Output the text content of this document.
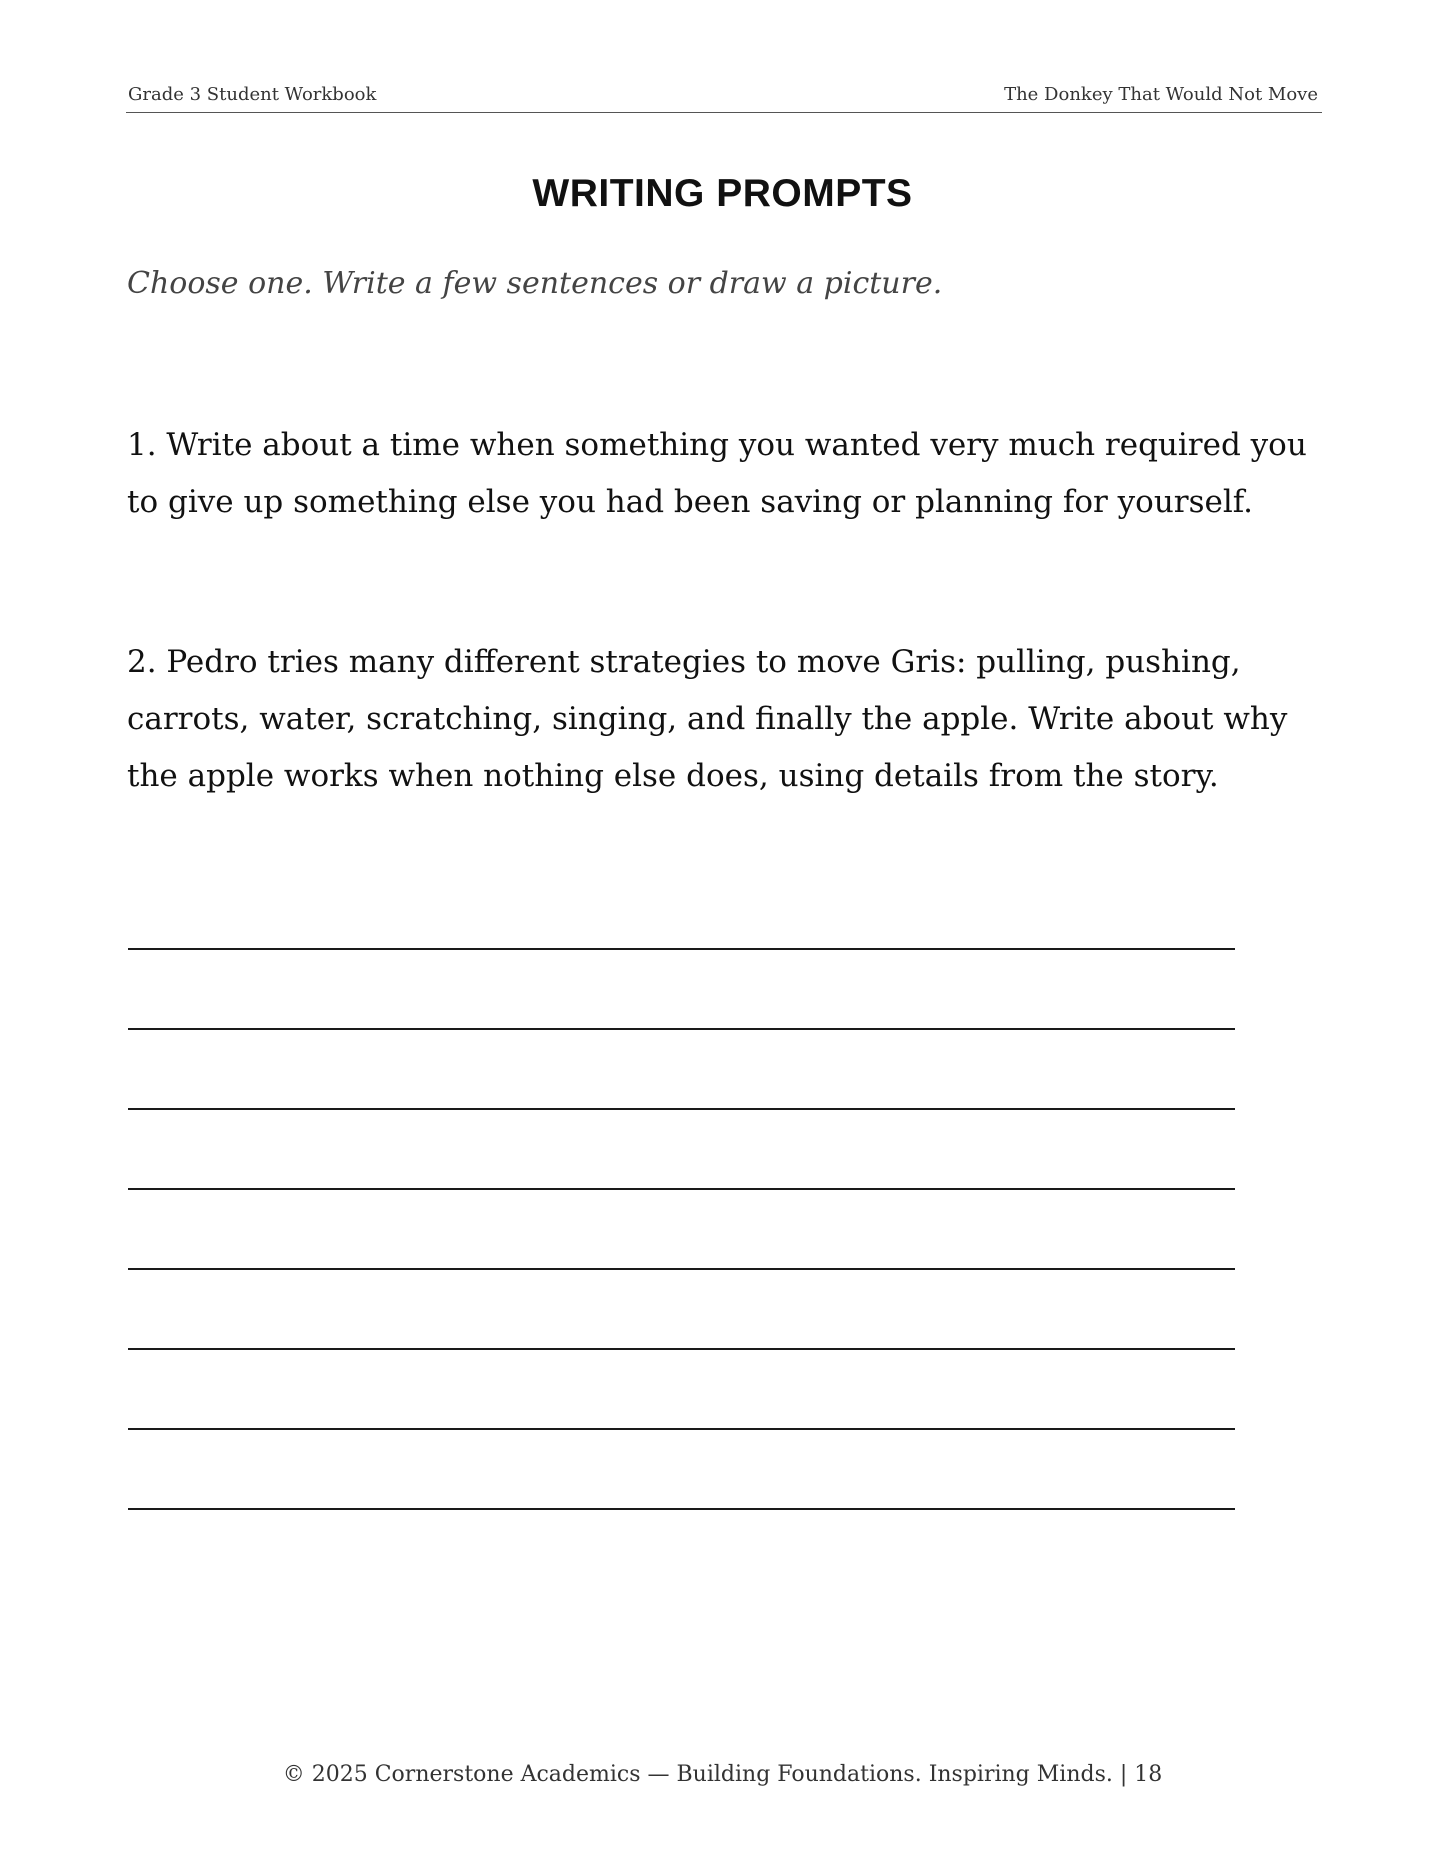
Grade 3 Student Workbook	The Donkey That Would Not Move
WRITING PROMPTS
Choose one. Write a few sentences or draw a picture.
1. Write about a time when something you wanted very much required you to give up something else you had been saving or planning for yourself.
2. Pedro tries many different strategies to move Gris: pulling, pushing, carrots, water, scratching, singing, and finally the apple. Write about why the apple works when nothing else does, using details from the story.
© 2025 Cornerstone Academics — Building Foundations. Inspiring Minds. | 18
